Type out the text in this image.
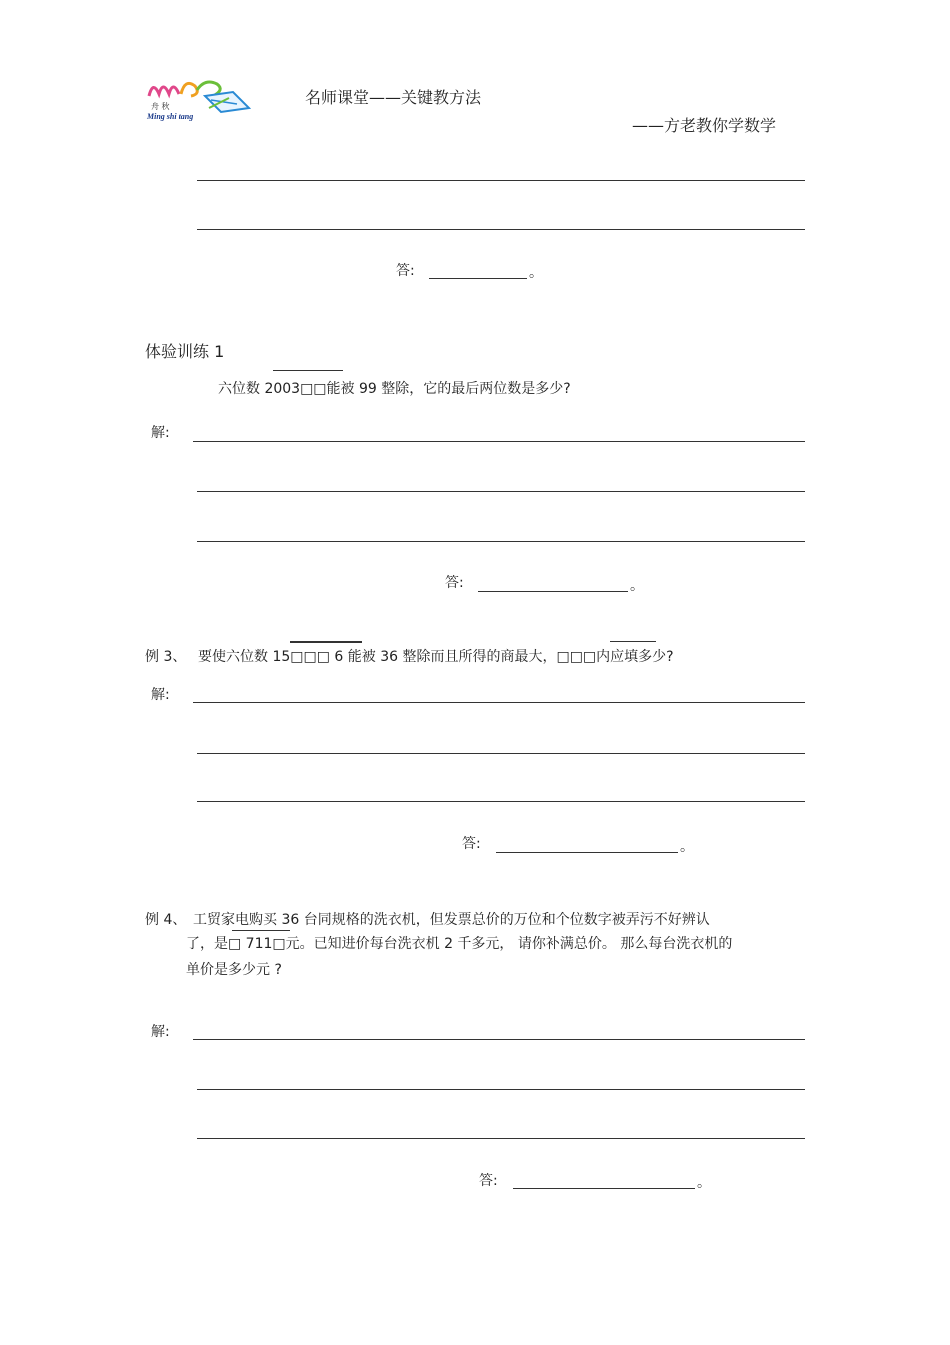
舟 秋
Ming shi tang
名师课堂——关键教方法
——方老教你学数学
答:	。
体验训练 1
六位数 2003□□能被 99 整除，它的最后两位数是多少?
解:
答:	。
例 3、 要使六位数 15□□□ 6 能被 36 整除而且所得的商最大，□□□内应填多少?
解:
答:	。
例 4、 工贸家电购买 36 台同规格的洗衣机，但发票总价的万位和个位数字被弄污不好辨认
了，是□ 711□元。已知进价每台洗衣机 2 千多元， 请你补满总价。 那么每台洗衣机的
单价是多少元 ?
解:
答:	。
